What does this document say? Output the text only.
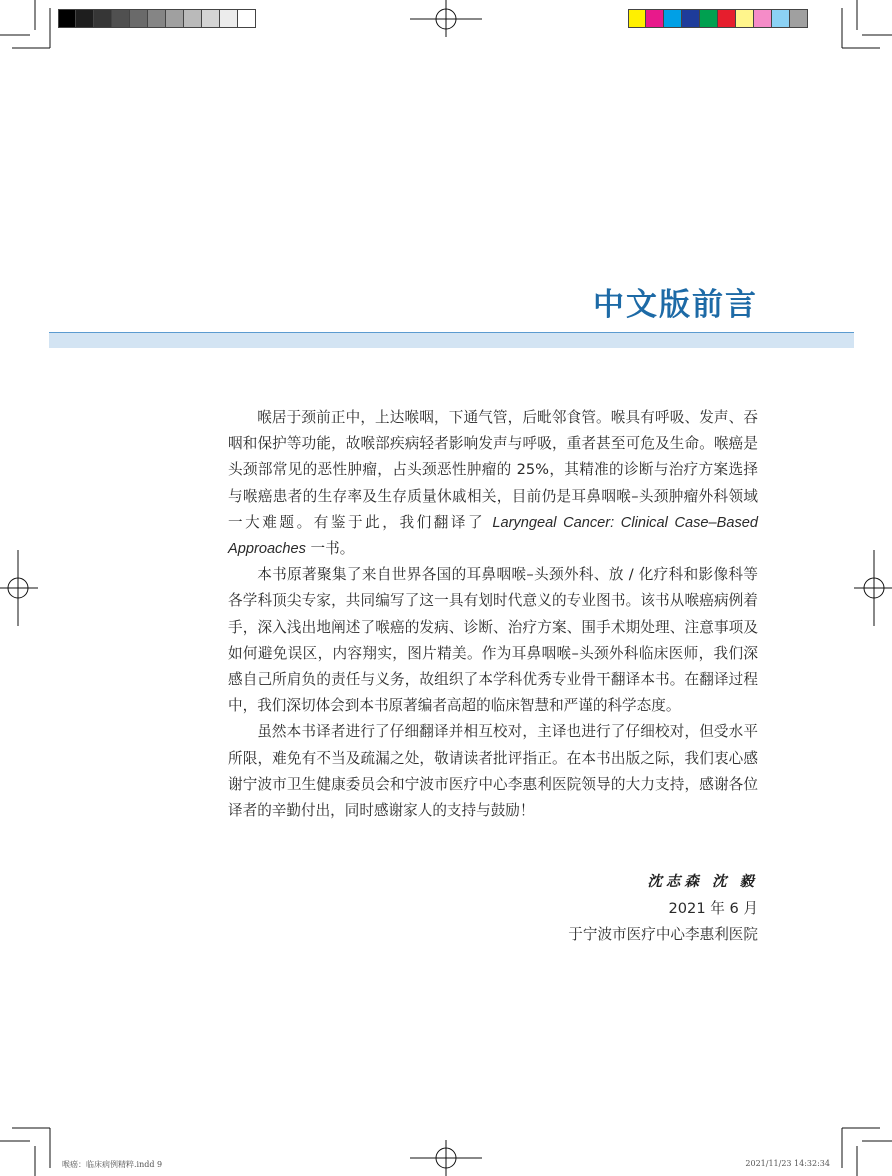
中文版前言

喉居于颈前正中，上达喉咽，下通气管，后毗邻食管。喉具有呼吸、发声、吞咽和保护等功能，故喉部疾病轻者影响发声与呼吸，重者甚至可危及生命。喉癌是头颈部常见的恶性肿瘤，占头颈恶性肿瘤的 25%，其精准的诊断与治疗方案选择与喉癌患者的生存率及生存质量休戚相关，目前仍是耳鼻咽喉–头颈肿瘤外科领域一大难题。有鉴于此，我们翻译了 Laryngeal Cancer: Clinical Case–Based Approaches 一书。

本书原著聚集了来自世界各国的耳鼻咽喉–头颈外科、放 / 化疗科和影像科等各学科顶尖专家，共同编写了这一具有划时代意义的专业图书。该书从喉癌病例着手，深入浅出地阐述了喉癌的发病、诊断、治疗方案、围手术期处理、注意事项及如何避免误区，内容翔实，图片精美。作为耳鼻咽喉–头颈外科临床医师，我们深感自己所肩负的责任与义务，故组织了本学科优秀专业骨干翻译本书。在翻译过程中，我们深切体会到本书原著编者高超的临床智慧和严谨的科学态度。

虽然本书译者进行了仔细翻译并相互校对，主译也进行了仔细校对，但受水平所限，难免有不当及疏漏之处，敬请读者批评指正。在本书出版之际，我们衷心感谢宁波市卫生健康委员会和宁波市医疗中心李惠利医院领导的大力支持，感谢各位译者的辛勤付出，同时感谢家人的支持与鼓励！

沈志森 沈 毅

2021 年 6 月

于宁波市医疗中心李惠利医院

喉癌：临床病例精粹.indd 9	2021/11/23 14:32:34
